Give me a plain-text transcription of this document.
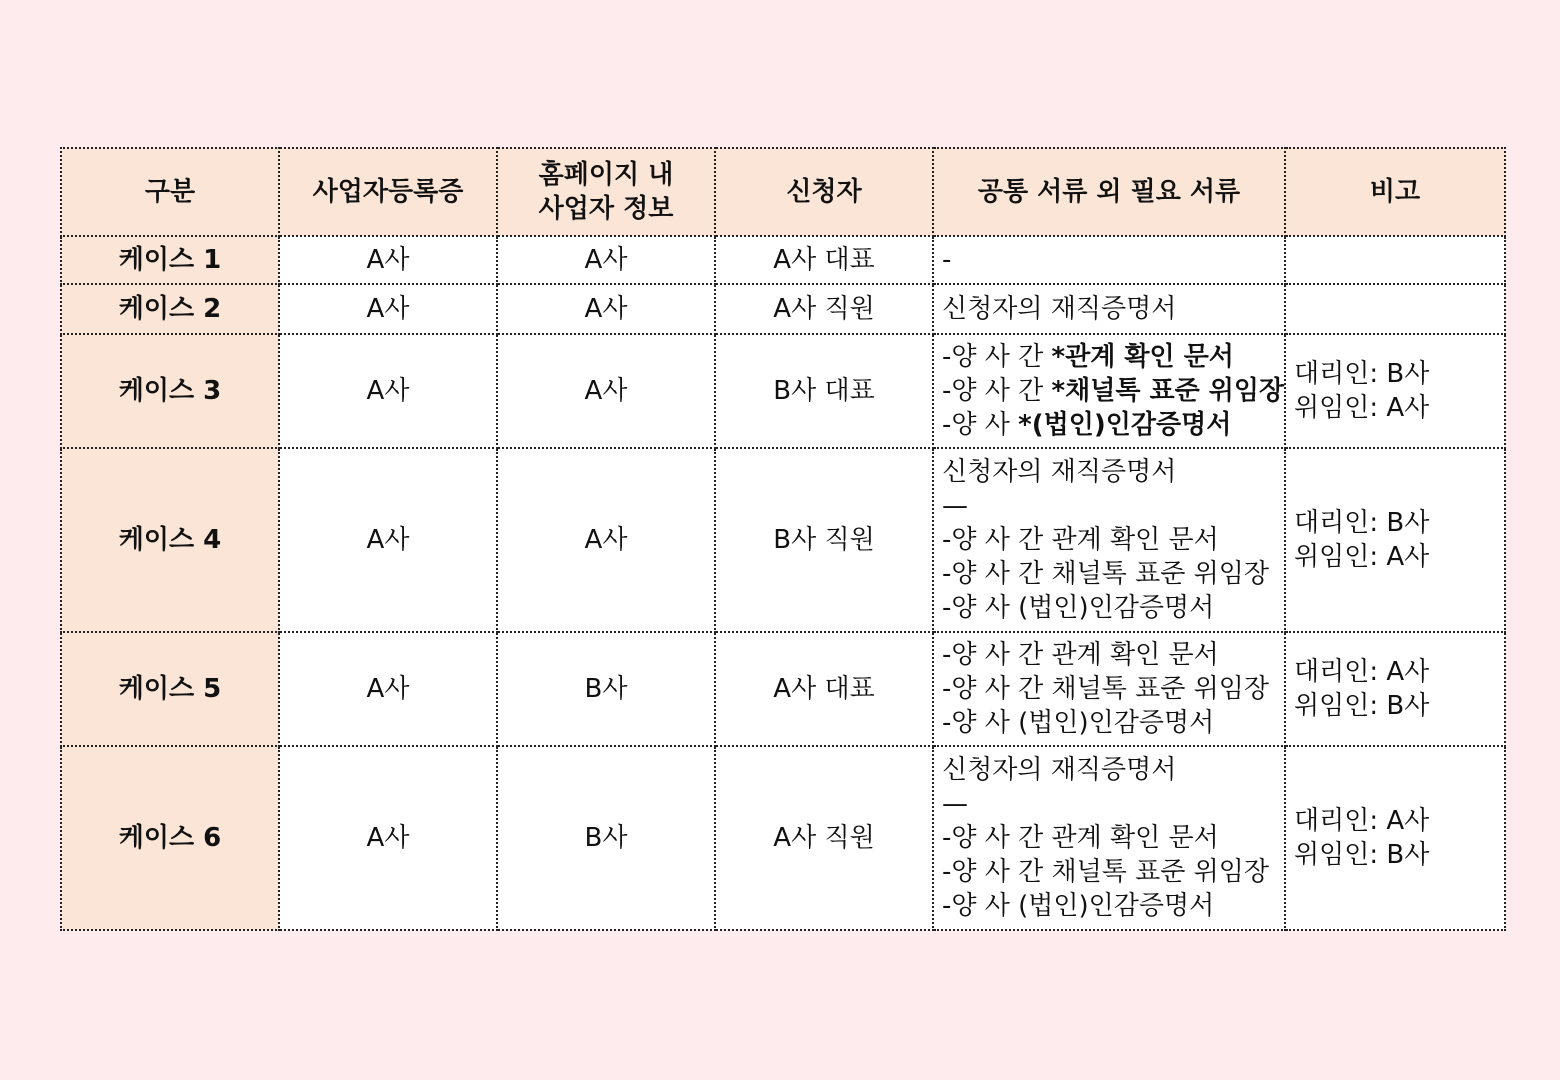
구분	사업자등록증	홈페이지 내
사업자 정보	신청자	공통 서류 외 필요 서류	비고
케이스 1	A사	A사	A사 대표	-	

케이스 2	A사	A사	A사 직원	신청자의 재직증명서	

케이스 3	A사	A사	B사 대표	-양 사 간 *관계 확인 문서
-양 사 간 *채널톡 표준 위임장
-양 사 *(법인)인감증명서	대리인: B사
위임인: A사

케이스 4	A사	A사	B사 직원	신청자의 재직증명서
—
-양 사 간 관계 확인 문서
-양 사 간 채널톡 표준 위임장
-양 사 (법인)인감증명서	대리인: B사
위임인: A사

케이스 5	A사	B사	A사 대표	-양 사 간 관계 확인 문서
-양 사 간 채널톡 표준 위임장
-양 사 (법인)인감증명서	대리인: A사
위임인: B사

케이스 6	A사	B사	A사 직원	신청자의 재직증명서
—
-양 사 간 관계 확인 문서
-양 사 간 채널톡 표준 위임장
-양 사 (법인)인감증명서	대리인: A사
위임인: B사
